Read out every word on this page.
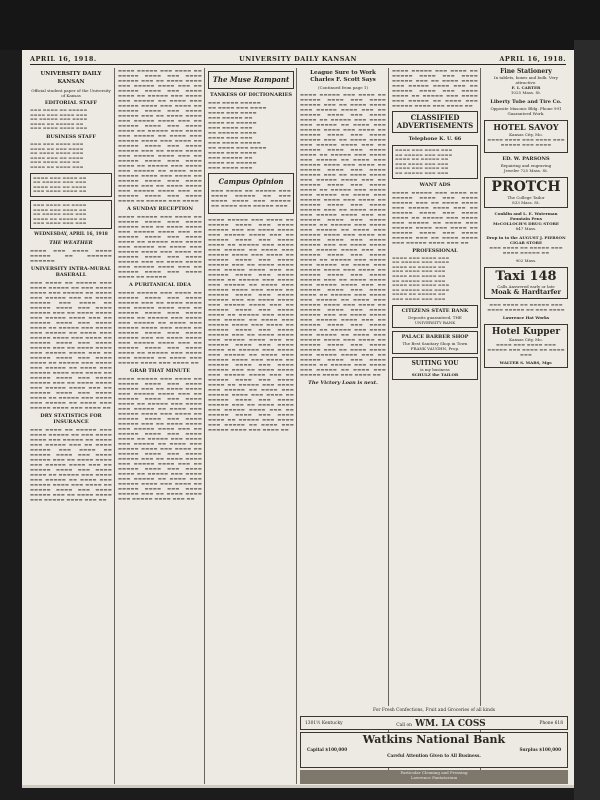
APRIL 16, 1918.	UNIVERSITY DAILY KANSAN	APRIL 16, 1918.
UNIVERSITY DAILY KANSAN
Official student paper of the University of Kansas
EDITORIAL STAFF
▬▬▬ ▬▬▬▬ ▬▬ ▬▬▬▬▬
▬▬▬▬ ▬▬▬ ▬▬▬▬ ▬▬▬
▬▬ ▬▬▬▬▬ ▬▬▬ ▬▬▬▬
▬▬▬▬ ▬▬ ▬▬▬▬▬ ▬▬
▬▬▬ ▬▬▬▬ ▬▬▬▬ ▬▬▬
BUSINESS STAFF
▬▬▬ ▬▬▬ ▬▬▬▬ ▬▬▬
▬▬▬▬ ▬▬ ▬▬▬ ▬▬▬▬
▬▬ ▬▬▬▬ ▬▬▬▬ ▬▬▬
▬▬▬▬ ▬▬▬ ▬▬ ▬▬▬▬
▬▬▬ ▬▬▬▬ ▬▬▬ ▬▬
▬▬▬▬ ▬▬ ▬▬▬▬ ▬▬▬
▬▬▬▬ ▬▬▬ ▬▬▬▬ ▬▬
▬▬ ▬▬▬▬▬ ▬▬▬ ▬▬▬
▬▬▬▬ ▬▬▬ ▬▬ ▬▬▬▬
▬▬▬ ▬▬▬▬ ▬▬▬▬ ▬▬
▬▬▬ ▬▬▬▬ ▬▬ ▬▬▬▬
▬▬▬▬ ▬▬▬ ▬▬▬▬ ▬▬
▬▬ ▬▬▬▬▬ ▬▬▬ ▬▬▬
▬▬▬▬ ▬▬ ▬▬▬▬▬ ▬▬
▬▬▬ ▬▬▬▬ ▬▬▬ ▬▬▬
WEDNESDAY, APRIL 16, 1918
THE WEATHER
▬▬▬▬ ▬▬▬ ▬▬▬▬ ▬▬▬▬ ▬▬▬▬▬ ▬▬ ▬▬▬▬▬▬ ▬▬▬▬▬▬
UNIVERSITY INTRA-MURAL BASEBALL
▬▬▬ ▬▬▬▬ ▬▬ ▬▬▬▬▬ ▬▬▬ ▬▬▬▬ ▬▬▬▬▬ ▬▬ ▬▬▬ ▬▬▬▬ ▬▬▬▬ ▬▬▬ ▬▬▬▬▬ ▬▬ ▬▬▬▬ ▬▬▬ ▬▬▬▬▬ ▬▬▬ ▬▬ ▬▬▬▬ ▬▬▬▬▬ ▬▬▬ ▬▬▬▬ ▬▬ ▬▬▬▬▬ ▬▬▬▬ ▬▬▬ ▬▬▬▬ ▬▬▬▬▬ ▬▬▬ ▬▬ ▬▬▬▬ ▬▬▬▬ ▬▬▬ ▬▬▬▬▬ ▬▬▬▬ ▬▬▬ ▬▬ ▬▬▬▬▬ ▬▬▬▬ ▬▬▬ ▬▬▬▬ ▬▬▬▬ ▬▬ ▬▬▬▬▬ ▬▬▬ ▬▬▬▬ ▬▬▬ ▬▬▬▬▬ ▬▬ ▬▬▬▬ ▬▬▬ ▬▬▬▬▬ ▬▬▬▬ ▬▬▬ ▬▬▬▬ ▬▬ ▬▬▬▬▬ ▬▬▬▬ ▬▬▬ ▬▬▬▬ ▬▬▬▬▬ ▬▬▬ ▬▬ ▬▬▬▬ ▬▬▬▬ ▬▬▬ ▬▬▬▬▬ ▬▬▬▬ ▬▬▬ ▬▬ ▬▬▬▬▬ ▬▬▬▬ ▬▬▬ ▬▬▬▬ ▬▬▬▬ ▬▬ ▬▬▬▬▬ ▬▬▬ ▬▬▬▬ ▬▬▬ ▬▬▬▬▬ ▬▬ ▬▬▬▬ ▬▬▬ ▬▬▬▬▬ ▬▬▬▬ ▬▬▬ ▬▬▬▬ ▬▬ ▬▬▬▬▬ ▬▬▬▬ ▬▬▬ ▬▬▬▬ ▬▬▬▬▬ ▬▬▬ ▬▬ ▬▬▬▬ ▬▬▬▬ ▬▬▬ ▬▬▬▬▬ ▬▬▬▬ ▬▬▬ ▬▬ ▬▬▬▬▬ ▬▬▬▬ ▬▬▬ ▬▬▬▬ ▬▬▬▬ ▬▬ ▬▬▬▬▬ ▬▬▬ ▬▬▬▬ ▬▬▬ ▬▬▬▬▬ ▬▬ ▬▬▬▬ ▬▬▬ ▬▬▬▬▬ ▬▬▬▬ ▬▬▬ ▬▬▬▬ ▬▬
DRY STATISTICS FOR INSURANCE
▬▬▬ ▬▬▬▬ ▬▬ ▬▬▬▬▬ ▬▬▬ ▬▬▬▬ ▬▬▬▬▬ ▬▬ ▬▬▬ ▬▬▬▬ ▬▬▬▬ ▬▬▬ ▬▬▬▬▬ ▬▬ ▬▬▬▬ ▬▬▬ ▬▬▬▬▬ ▬▬▬ ▬▬ ▬▬▬▬ ▬▬▬▬▬ ▬▬▬ ▬▬▬▬ ▬▬ ▬▬▬▬▬ ▬▬▬▬ ▬▬▬ ▬▬▬▬ ▬▬▬▬▬ ▬▬▬ ▬▬ ▬▬▬▬ ▬▬▬▬ ▬▬▬ ▬▬▬▬▬ ▬▬▬▬ ▬▬▬ ▬▬ ▬▬▬▬▬ ▬▬▬▬ ▬▬▬ ▬▬▬▬ ▬▬▬▬ ▬▬ ▬▬▬▬▬ ▬▬▬ ▬▬▬▬ ▬▬▬ ▬▬▬▬▬ ▬▬ ▬▬▬▬ ▬▬▬ ▬▬▬▬▬ ▬▬▬▬ ▬▬▬ ▬▬▬▬ ▬▬ ▬▬▬▬▬ ▬▬▬▬ ▬▬▬ ▬▬▬▬ ▬▬▬▬▬ ▬▬▬ ▬▬ ▬▬▬▬ ▬▬▬▬ ▬▬▬ ▬▬▬▬▬ ▬▬▬▬ ▬▬▬ ▬▬
▬▬▬▬ ▬▬▬▬▬ ▬▬▬ ▬▬▬▬ ▬▬ ▬▬▬▬▬ ▬▬▬▬ ▬▬▬ ▬▬▬▬ ▬▬▬▬▬ ▬▬▬ ▬▬ ▬▬▬▬ ▬▬▬▬ ▬▬▬ ▬▬▬▬▬ ▬▬▬▬ ▬▬▬ ▬▬ ▬▬▬▬▬ ▬▬▬▬ ▬▬▬ ▬▬▬▬ ▬▬▬▬ ▬▬ ▬▬▬▬▬ ▬▬▬ ▬▬▬▬ ▬▬▬ ▬▬▬▬▬ ▬▬ ▬▬▬▬ ▬▬▬ ▬▬▬▬▬ ▬▬▬▬ ▬▬▬ ▬▬▬▬ ▬▬ ▬▬▬▬▬ ▬▬▬▬ ▬▬▬ ▬▬▬▬ ▬▬▬▬▬ ▬▬▬ ▬▬ ▬▬▬▬ ▬▬▬▬ ▬▬▬ ▬▬▬▬▬ ▬▬▬▬ ▬▬▬ ▬▬ ▬▬▬▬▬ ▬▬▬▬ ▬▬▬ ▬▬▬▬ ▬▬▬▬ ▬▬ ▬▬▬▬▬ ▬▬▬ ▬▬▬▬ ▬▬▬ ▬▬▬▬▬ ▬▬ ▬▬▬▬ ▬▬▬ ▬▬▬▬▬ ▬▬▬▬ ▬▬▬ ▬▬▬▬ ▬▬ ▬▬▬▬▬ ▬▬▬▬ ▬▬▬ ▬▬▬▬ ▬▬▬▬▬ ▬▬▬ ▬▬ ▬▬▬▬ ▬▬▬▬ ▬▬▬ ▬▬▬▬▬ ▬▬▬▬ ▬▬▬ ▬▬ ▬▬▬▬▬ ▬▬▬▬ ▬▬▬ ▬▬▬▬ ▬▬▬▬ ▬▬ ▬▬▬▬▬ ▬▬▬ ▬▬▬▬ ▬▬▬ ▬▬▬▬▬ ▬▬ ▬▬▬▬ ▬▬▬ ▬▬▬▬▬ ▬▬▬▬ ▬▬▬ ▬▬▬▬ ▬▬ ▬▬▬▬▬ ▬▬▬▬ ▬▬▬ ▬▬▬▬ ▬▬▬▬▬ ▬▬▬ ▬▬ ▬▬▬▬ ▬▬▬▬ ▬▬▬ ▬▬▬▬▬ ▬▬▬▬ ▬▬▬ ▬▬ ▬▬▬▬▬ ▬▬▬▬ ▬▬▬ ▬▬▬▬ ▬▬▬▬ ▬▬ ▬▬▬▬▬ ▬▬▬ ▬▬▬▬
A SUNDAY RECEPTION
▬▬▬▬ ▬▬▬▬▬ ▬▬▬ ▬▬▬▬ ▬▬ ▬▬▬▬▬ ▬▬▬▬ ▬▬▬ ▬▬▬▬ ▬▬▬▬▬ ▬▬▬ ▬▬ ▬▬▬▬ ▬▬▬▬ ▬▬▬ ▬▬▬▬▬ ▬▬▬▬ ▬▬▬ ▬▬ ▬▬▬▬▬ ▬▬▬▬ ▬▬▬ ▬▬▬▬ ▬▬▬▬ ▬▬ ▬▬▬▬▬ ▬▬▬ ▬▬▬▬ ▬▬▬ ▬▬▬▬▬ ▬▬ ▬▬▬▬ ▬▬▬ ▬▬▬▬▬ ▬▬▬▬ ▬▬▬ ▬▬▬▬ ▬▬ ▬▬▬▬▬ ▬▬▬▬ ▬▬▬ ▬▬▬▬ ▬▬▬▬▬ ▬▬▬ ▬▬ ▬▬▬▬ ▬▬▬▬ ▬▬▬ ▬▬▬▬▬ ▬▬▬▬ ▬▬▬ ▬▬ ▬▬▬▬▬ ▬▬▬▬ ▬▬▬ ▬▬▬▬ ▬▬▬▬ ▬▬ ▬▬▬▬▬
A PURITANICAL IDEA
▬▬▬▬ ▬▬▬▬▬ ▬▬▬ ▬▬▬▬ ▬▬ ▬▬▬▬▬ ▬▬▬▬ ▬▬▬ ▬▬▬▬ ▬▬▬▬▬ ▬▬▬ ▬▬ ▬▬▬▬ ▬▬▬▬ ▬▬▬ ▬▬▬▬▬ ▬▬▬▬ ▬▬▬ ▬▬ ▬▬▬▬▬ ▬▬▬▬ ▬▬▬ ▬▬▬▬ ▬▬▬▬ ▬▬ ▬▬▬▬▬ ▬▬▬ ▬▬▬▬ ▬▬▬ ▬▬▬▬▬ ▬▬ ▬▬▬▬ ▬▬▬ ▬▬▬▬▬ ▬▬▬▬ ▬▬▬ ▬▬▬▬ ▬▬ ▬▬▬▬▬ ▬▬▬▬ ▬▬▬ ▬▬▬▬ ▬▬▬▬▬ ▬▬▬ ▬▬ ▬▬▬▬ ▬▬▬▬ ▬▬▬ ▬▬▬▬▬ ▬▬▬▬ ▬▬▬ ▬▬ ▬▬▬▬▬ ▬▬▬▬ ▬▬▬ ▬▬▬▬ ▬▬▬▬ ▬▬ ▬▬▬▬▬ ▬▬▬ ▬▬▬▬ ▬▬▬ ▬▬▬▬▬ ▬▬ ▬▬▬▬ ▬▬▬ ▬▬▬▬▬ ▬▬▬▬ ▬▬▬ ▬▬▬▬ ▬▬
GRAB THAT MINUTE
▬▬▬▬ ▬▬▬▬▬ ▬▬▬ ▬▬▬▬ ▬▬ ▬▬▬▬▬ ▬▬▬▬ ▬▬▬ ▬▬▬▬ ▬▬▬▬▬ ▬▬▬ ▬▬ ▬▬▬▬ ▬▬▬▬ ▬▬▬ ▬▬▬▬▬ ▬▬▬▬ ▬▬▬ ▬▬ ▬▬▬▬▬ ▬▬▬▬ ▬▬▬ ▬▬▬▬ ▬▬▬▬ ▬▬ ▬▬▬▬▬ ▬▬▬ ▬▬▬▬ ▬▬▬ ▬▬▬▬▬ ▬▬ ▬▬▬▬ ▬▬▬ ▬▬▬▬▬ ▬▬▬▬ ▬▬▬ ▬▬▬▬ ▬▬ ▬▬▬▬▬ ▬▬▬▬ ▬▬▬ ▬▬▬▬ ▬▬▬▬▬ ▬▬▬ ▬▬ ▬▬▬▬ ▬▬▬▬ ▬▬▬ ▬▬▬▬▬ ▬▬▬▬ ▬▬▬ ▬▬ ▬▬▬▬▬ ▬▬▬▬ ▬▬▬ ▬▬▬▬ ▬▬▬▬ ▬▬ ▬▬▬▬▬ ▬▬▬ ▬▬▬▬ ▬▬▬ ▬▬▬▬▬ ▬▬ ▬▬▬▬ ▬▬▬ ▬▬▬▬▬ ▬▬▬▬ ▬▬▬ ▬▬▬▬ ▬▬ ▬▬▬▬▬ ▬▬▬▬ ▬▬▬ ▬▬▬▬ ▬▬▬▬▬ ▬▬▬ ▬▬ ▬▬▬▬ ▬▬▬▬ ▬▬▬ ▬▬▬▬▬ ▬▬▬▬ ▬▬▬ ▬▬ ▬▬▬▬▬ ▬▬▬▬ ▬▬▬ ▬▬▬▬ ▬▬▬▬ ▬▬ ▬▬▬▬▬ ▬▬▬ ▬▬▬▬ ▬▬▬ ▬▬▬▬▬ ▬▬ ▬▬▬▬ ▬▬▬ ▬▬▬▬▬ ▬▬▬▬ ▬▬▬ ▬▬▬▬ ▬▬ ▬▬▬▬▬ ▬▬▬▬ ▬▬▬ ▬▬▬▬ ▬▬▬▬▬ ▬▬▬ ▬▬ ▬▬▬▬ ▬▬▬▬ ▬▬▬ ▬▬▬▬▬ ▬▬▬▬ ▬▬▬ ▬▬
The Muse Rampant
TANKESS OF DICTIONARIES
▬▬▬ ▬▬▬▬ ▬▬▬▬▬
▬▬ ▬▬▬▬ ▬▬▬ ▬▬▬▬
▬▬▬▬ ▬▬▬ ▬▬▬▬
▬▬▬ ▬▬▬▬▬ ▬▬
▬▬▬▬ ▬▬ ▬▬▬▬▬
▬▬▬ ▬▬▬▬ ▬▬▬
▬▬ ▬▬▬▬▬ ▬▬▬▬
▬▬▬▬ ▬▬▬ ▬▬▬
▬▬▬ ▬▬▬▬ ▬▬▬▬▬
▬▬ ▬▬▬▬ ▬▬▬ ▬▬▬▬
▬▬▬▬ ▬▬▬ ▬▬▬▬
▬▬▬ ▬▬▬▬▬ ▬▬
▬▬▬▬ ▬▬ ▬▬▬▬▬
▬▬▬ ▬▬▬▬ ▬▬▬
Campus Opinion
▬▬▬ ▬▬▬▬ ▬▬ ▬▬▬▬▬ ▬▬▬ ▬▬▬▬ ▬▬▬▬▬ ▬▬ ▬▬▬ ▬▬▬▬ ▬▬▬▬ ▬▬▬ ▬▬▬▬▬ ▬▬ ▬▬▬▬ ▬▬▬ ▬▬▬▬▬ ▬▬▬
▬▬▬▬ ▬▬▬▬▬ ▬▬▬ ▬▬▬▬ ▬▬ ▬▬▬▬▬ ▬▬▬▬ ▬▬▬ ▬▬▬▬ ▬▬▬▬▬ ▬▬▬ ▬▬ ▬▬▬▬ ▬▬▬▬ ▬▬▬ ▬▬▬▬▬ ▬▬▬▬ ▬▬▬ ▬▬ ▬▬▬▬▬ ▬▬▬▬ ▬▬▬ ▬▬▬▬ ▬▬▬▬ ▬▬ ▬▬▬▬▬ ▬▬▬ ▬▬▬▬ ▬▬▬ ▬▬▬▬▬ ▬▬ ▬▬▬▬ ▬▬▬ ▬▬▬▬▬ ▬▬▬▬ ▬▬▬ ▬▬▬▬ ▬▬ ▬▬▬▬▬ ▬▬▬▬ ▬▬▬ ▬▬▬▬ ▬▬▬▬▬ ▬▬▬ ▬▬ ▬▬▬▬ ▬▬▬▬ ▬▬▬ ▬▬▬▬▬ ▬▬▬▬ ▬▬▬ ▬▬ ▬▬▬▬▬ ▬▬▬▬ ▬▬▬ ▬▬▬▬ ▬▬▬▬ ▬▬ ▬▬▬▬▬ ▬▬▬ ▬▬▬▬ ▬▬▬ ▬▬▬▬▬ ▬▬ ▬▬▬▬ ▬▬▬ ▬▬▬▬▬ ▬▬▬▬ ▬▬▬ ▬▬▬▬ ▬▬ ▬▬▬▬▬ ▬▬▬▬ ▬▬▬ ▬▬▬▬ ▬▬▬▬▬ ▬▬▬ ▬▬ ▬▬▬▬ ▬▬▬▬ ▬▬▬ ▬▬▬▬▬ ▬▬▬▬ ▬▬▬ ▬▬ ▬▬▬▬▬ ▬▬▬▬ ▬▬▬ ▬▬▬▬ ▬▬▬▬ ▬▬ ▬▬▬▬▬ ▬▬▬ ▬▬▬▬ ▬▬▬ ▬▬▬▬▬ ▬▬ ▬▬▬▬ ▬▬▬ ▬▬▬▬▬ ▬▬▬▬ ▬▬▬ ▬▬▬▬ ▬▬ ▬▬▬▬▬ ▬▬▬▬ ▬▬▬ ▬▬▬▬ ▬▬▬▬▬ ▬▬▬ ▬▬ ▬▬▬▬ ▬▬▬▬ ▬▬▬ ▬▬▬▬▬ ▬▬▬▬ ▬▬▬ ▬▬ ▬▬▬▬▬ ▬▬▬▬ ▬▬▬ ▬▬▬▬ ▬▬▬▬ ▬▬ ▬▬▬▬▬ ▬▬▬ ▬▬▬▬ ▬▬▬ ▬▬▬▬▬ ▬▬ ▬▬▬▬ ▬▬▬ ▬▬▬▬▬ ▬▬▬▬ ▬▬▬ ▬▬▬▬ ▬▬ ▬▬▬▬▬ ▬▬▬▬ ▬▬▬ ▬▬▬▬ ▬▬▬▬▬ ▬▬▬ ▬▬ ▬▬▬▬ ▬▬▬▬ ▬▬▬ ▬▬▬▬▬ ▬▬▬▬ ▬▬▬ ▬▬ ▬▬▬▬▬ ▬▬▬▬ ▬▬▬ ▬▬▬▬ ▬▬▬▬ ▬▬ ▬▬▬▬▬ ▬▬▬ ▬▬▬▬ ▬▬▬ ▬▬▬▬▬ ▬▬ ▬▬▬▬ ▬▬▬ ▬▬▬▬▬ ▬▬▬▬ ▬▬▬ ▬▬▬▬ ▬▬ ▬▬▬▬▬ ▬▬▬▬ ▬▬▬ ▬▬▬▬ ▬▬▬▬▬ ▬▬▬ ▬▬ ▬▬▬▬ ▬▬▬▬ ▬▬▬ ▬▬▬▬▬ ▬▬▬▬ ▬▬▬ ▬▬ ▬▬▬▬▬ ▬▬▬▬ ▬▬▬ ▬▬▬▬ ▬▬▬▬ ▬▬ ▬▬▬▬▬ ▬▬▬ ▬▬▬▬ ▬▬▬ ▬▬▬▬▬ ▬▬ ▬▬▬▬ ▬▬▬ ▬▬▬▬▬ ▬▬▬▬ ▬▬▬ ▬▬▬▬ ▬▬
League Sure to Work Charles F. Scott Says
(Continued from page 1)
▬▬▬▬ ▬▬▬▬▬ ▬▬▬ ▬▬▬▬ ▬▬ ▬▬▬▬▬ ▬▬▬▬ ▬▬▬ ▬▬▬▬ ▬▬▬▬▬ ▬▬▬ ▬▬ ▬▬▬▬ ▬▬▬▬ ▬▬▬ ▬▬▬▬▬ ▬▬▬▬ ▬▬▬ ▬▬ ▬▬▬▬▬ ▬▬▬▬ ▬▬▬ ▬▬▬▬ ▬▬▬▬ ▬▬ ▬▬▬▬▬ ▬▬▬ ▬▬▬▬ ▬▬▬ ▬▬▬▬▬ ▬▬ ▬▬▬▬ ▬▬▬ ▬▬▬▬▬ ▬▬▬▬ ▬▬▬ ▬▬▬▬ ▬▬ ▬▬▬▬▬ ▬▬▬▬ ▬▬▬ ▬▬▬▬ ▬▬▬▬▬ ▬▬▬ ▬▬ ▬▬▬▬ ▬▬▬▬ ▬▬▬ ▬▬▬▬▬ ▬▬▬▬ ▬▬▬ ▬▬ ▬▬▬▬▬ ▬▬▬▬ ▬▬▬ ▬▬▬▬ ▬▬▬▬ ▬▬ ▬▬▬▬▬ ▬▬▬ ▬▬▬▬ ▬▬▬ ▬▬▬▬▬ ▬▬ ▬▬▬▬ ▬▬▬ ▬▬▬▬▬ ▬▬▬▬ ▬▬▬ ▬▬▬▬ ▬▬ ▬▬▬▬▬ ▬▬▬▬ ▬▬▬ ▬▬▬▬ ▬▬▬▬▬ ▬▬▬ ▬▬ ▬▬▬▬ ▬▬▬▬ ▬▬▬ ▬▬▬▬▬ ▬▬▬▬ ▬▬▬ ▬▬ ▬▬▬▬▬ ▬▬▬▬ ▬▬▬ ▬▬▬▬ ▬▬▬▬ ▬▬ ▬▬▬▬▬ ▬▬▬ ▬▬▬▬ ▬▬▬ ▬▬▬▬▬ ▬▬ ▬▬▬▬ ▬▬▬ ▬▬▬▬▬ ▬▬▬▬ ▬▬▬ ▬▬▬▬ ▬▬ ▬▬▬▬▬ ▬▬▬▬ ▬▬▬ ▬▬▬▬ ▬▬▬▬▬ ▬▬▬ ▬▬ ▬▬▬▬ ▬▬▬▬ ▬▬▬ ▬▬▬▬▬ ▬▬▬▬ ▬▬▬ ▬▬ ▬▬▬▬▬ ▬▬▬▬ ▬▬▬ ▬▬▬▬ ▬▬▬▬ ▬▬ ▬▬▬▬▬ ▬▬▬ ▬▬▬▬ ▬▬▬ ▬▬▬▬▬ ▬▬ ▬▬▬▬ ▬▬▬ ▬▬▬▬▬ ▬▬▬▬ ▬▬▬ ▬▬▬▬ ▬▬ ▬▬▬▬▬ ▬▬▬▬ ▬▬▬ ▬▬▬▬ ▬▬▬▬▬ ▬▬▬ ▬▬ ▬▬▬▬ ▬▬▬▬ ▬▬▬ ▬▬▬▬▬ ▬▬▬▬ ▬▬▬ ▬▬ ▬▬▬▬▬ ▬▬▬▬ ▬▬▬ ▬▬▬▬ ▬▬▬▬ ▬▬ ▬▬▬▬▬ ▬▬▬ ▬▬▬▬ ▬▬▬ ▬▬▬▬▬ ▬▬ ▬▬▬▬ ▬▬▬ ▬▬▬▬▬ ▬▬▬▬ ▬▬▬ ▬▬▬▬ ▬▬ ▬▬▬▬▬ ▬▬▬▬ ▬▬▬ ▬▬▬▬ ▬▬▬▬▬ ▬▬▬ ▬▬ ▬▬▬▬ ▬▬▬▬ ▬▬▬ ▬▬▬▬▬ ▬▬▬▬ ▬▬▬ ▬▬ ▬▬▬▬▬ ▬▬▬▬ ▬▬▬ ▬▬▬▬ ▬▬▬▬ ▬▬ ▬▬▬▬▬ ▬▬▬ ▬▬▬▬ ▬▬▬ ▬▬▬▬▬ ▬▬ ▬▬▬▬ ▬▬▬ ▬▬▬▬▬ ▬▬▬▬ ▬▬▬ ▬▬▬▬ ▬▬ ▬▬▬▬▬ ▬▬▬▬ ▬▬▬ ▬▬▬▬ ▬▬▬▬▬ ▬▬▬ ▬▬ ▬▬▬▬ ▬▬▬▬ ▬▬▬ ▬▬▬▬▬ ▬▬▬▬ ▬▬▬ ▬▬ ▬▬▬▬▬ ▬▬▬▬ ▬▬▬ ▬▬▬▬ ▬▬▬▬ ▬▬ ▬▬▬▬▬ ▬▬▬ ▬▬▬▬ ▬▬▬ ▬▬▬▬▬ ▬▬ ▬▬▬▬ ▬▬▬ ▬▬▬▬▬ ▬▬▬▬ ▬▬▬ ▬▬▬▬ ▬▬ ▬▬▬▬▬ ▬▬▬▬ ▬▬▬ ▬▬▬▬ ▬▬▬▬▬ ▬▬▬ ▬▬ ▬▬▬▬ ▬▬▬▬ ▬▬▬ ▬▬▬▬▬ ▬▬▬▬ ▬▬▬ ▬▬ ▬▬▬▬▬ ▬▬▬▬ ▬▬▬ ▬▬▬▬ ▬▬▬▬ ▬▬ ▬▬▬▬▬ ▬▬▬ ▬▬▬▬ ▬▬▬ ▬▬▬▬▬ ▬▬ ▬▬▬▬ ▬▬▬ ▬▬▬▬▬ ▬▬▬▬ ▬▬▬ ▬▬▬▬ ▬▬
The Victory Loan is next.
▬▬▬▬ ▬▬▬▬▬ ▬▬▬ ▬▬▬▬ ▬▬ ▬▬▬▬▬ ▬▬▬▬ ▬▬▬ ▬▬▬▬ ▬▬▬▬▬ ▬▬▬ ▬▬ ▬▬▬▬ ▬▬▬▬ ▬▬▬ ▬▬▬▬▬ ▬▬▬▬ ▬▬▬ ▬▬ ▬▬▬▬▬ ▬▬▬▬ ▬▬▬ ▬▬▬▬ ▬▬▬▬ ▬▬ ▬▬▬▬▬ ▬▬▬ ▬▬▬▬ ▬▬▬ ▬▬▬▬▬ ▬▬ ▬▬▬▬ ▬▬▬ ▬▬▬▬▬ ▬▬▬▬ ▬▬▬ ▬▬▬▬ ▬▬
CLASSIFIED ADVERTISEMENTS
Telephone K. U. 66
▬▬▬▬ ▬▬▬ ▬▬▬▬ ▬▬▬
▬▬ ▬▬▬▬▬ ▬▬▬ ▬▬▬▬
▬▬▬▬ ▬▬ ▬▬▬▬▬ ▬▬
▬▬▬ ▬▬▬▬ ▬▬▬ ▬▬▬
▬▬▬▬ ▬▬▬ ▬▬▬▬ ▬▬
▬▬ ▬▬▬▬▬ ▬▬▬ ▬▬▬
WANT ADS
▬▬▬▬ ▬▬▬▬▬ ▬▬▬ ▬▬▬▬ ▬▬ ▬▬▬▬▬ ▬▬▬▬ ▬▬▬ ▬▬▬▬ ▬▬▬▬▬ ▬▬▬ ▬▬ ▬▬▬▬ ▬▬▬▬ ▬▬▬ ▬▬▬▬▬ ▬▬▬▬ ▬▬▬ ▬▬ ▬▬▬▬▬ ▬▬▬▬ ▬▬▬ ▬▬▬▬ ▬▬▬▬ ▬▬ ▬▬▬▬▬ ▬▬▬ ▬▬▬▬ ▬▬▬ ▬▬▬▬▬ ▬▬ ▬▬▬▬ ▬▬▬ ▬▬▬▬▬ ▬▬▬▬ ▬▬▬ ▬▬▬▬ ▬▬ ▬▬▬▬▬ ▬▬▬▬ ▬▬▬ ▬▬▬▬ ▬▬▬▬▬ ▬▬▬ ▬▬ ▬▬▬▬ ▬▬▬▬ ▬▬▬ ▬▬▬▬▬ ▬▬▬▬ ▬▬▬ ▬▬
PROFESSIONAL
▬▬▬▬ ▬▬▬ ▬▬▬▬ ▬▬▬
▬▬ ▬▬▬▬▬ ▬▬▬ ▬▬▬▬
▬▬▬▬ ▬▬ ▬▬▬▬▬ ▬▬
▬▬▬ ▬▬▬▬ ▬▬▬ ▬▬▬
▬▬▬▬ ▬▬▬ ▬▬▬▬ ▬▬
▬▬ ▬▬▬▬▬ ▬▬▬ ▬▬▬
▬▬▬▬ ▬▬▬ ▬▬▬▬ ▬▬▬
▬▬ ▬▬▬▬▬ ▬▬▬ ▬▬▬▬
▬▬▬▬ ▬▬ ▬▬▬▬▬ ▬▬
▬▬▬ ▬▬▬▬ ▬▬▬ ▬▬▬
CITIZENS STATE BANK
Deposits guaranteed, THE UNIVERSITY BANK
PALACE BARBER SHOP
The Best Sanitary Shop in Town
FRANK VAUGHN, Prop.
SUITING YOU
is my business
SCHULZ the TAILOR
Fine Stationery
In tablets, boxes and bulk. Very attractive.
F. I. CARTER
1025 Mass. St.
Liberty Tube and Tire Co.
Opposite Masonic Bldg. Phone 991
Guaranteed Work.
HOTEL SAVOY
Kansas City, Mo.
▬▬▬▬ ▬▬▬▬ ▬▬▬ ▬▬▬▬ ▬▬▬ ▬▬▬▬▬ ▬▬▬ ▬▬▬▬
ED. W. PARSONS
Repairing and engraving
Jeweler 725 Mass. St.
PROTCH
The College Tailor
833 Mass. St.
Conklin and L. E. Waterman Fountain Pens
McCOLLOCH'S DRUG STORE
847 Mass.
Drop in to the AUGUST J. PIERSON CIGAR STORE
▬▬▬ ▬▬▬▬ ▬▬ ▬▬▬▬▬ ▬▬▬ ▬▬▬▬ ▬▬▬▬▬ ▬▬
902 Mass.
Taxi 148
Calls Answered early or late
Moak & Hardtarfer
▬▬▬ ▬▬▬▬ ▬▬ ▬▬▬▬▬ ▬▬▬ ▬▬▬▬ ▬▬▬▬▬ ▬▬ ▬▬▬ ▬▬▬▬
Lawrence Hat Works
Hotel Kupper
Kansas City, Mo.
▬▬▬▬ ▬▬▬ ▬▬▬▬ ▬▬▬ ▬▬▬▬▬ ▬▬▬ ▬▬▬▬ ▬▬ ▬▬▬▬ ▬▬▬
WALTER S. MARS, Mgr.
For Fresh Confections, Fruit and Groceries of all kinds
1301½ Kentucky	Call on WM. LA COSS	Phone 618
Watkins National Bank
Capital $100,000	Surplus $100,000

Careful Attention Given to All Business.
Particular Cleaning and Pressing
Lawrence Pantatorium
